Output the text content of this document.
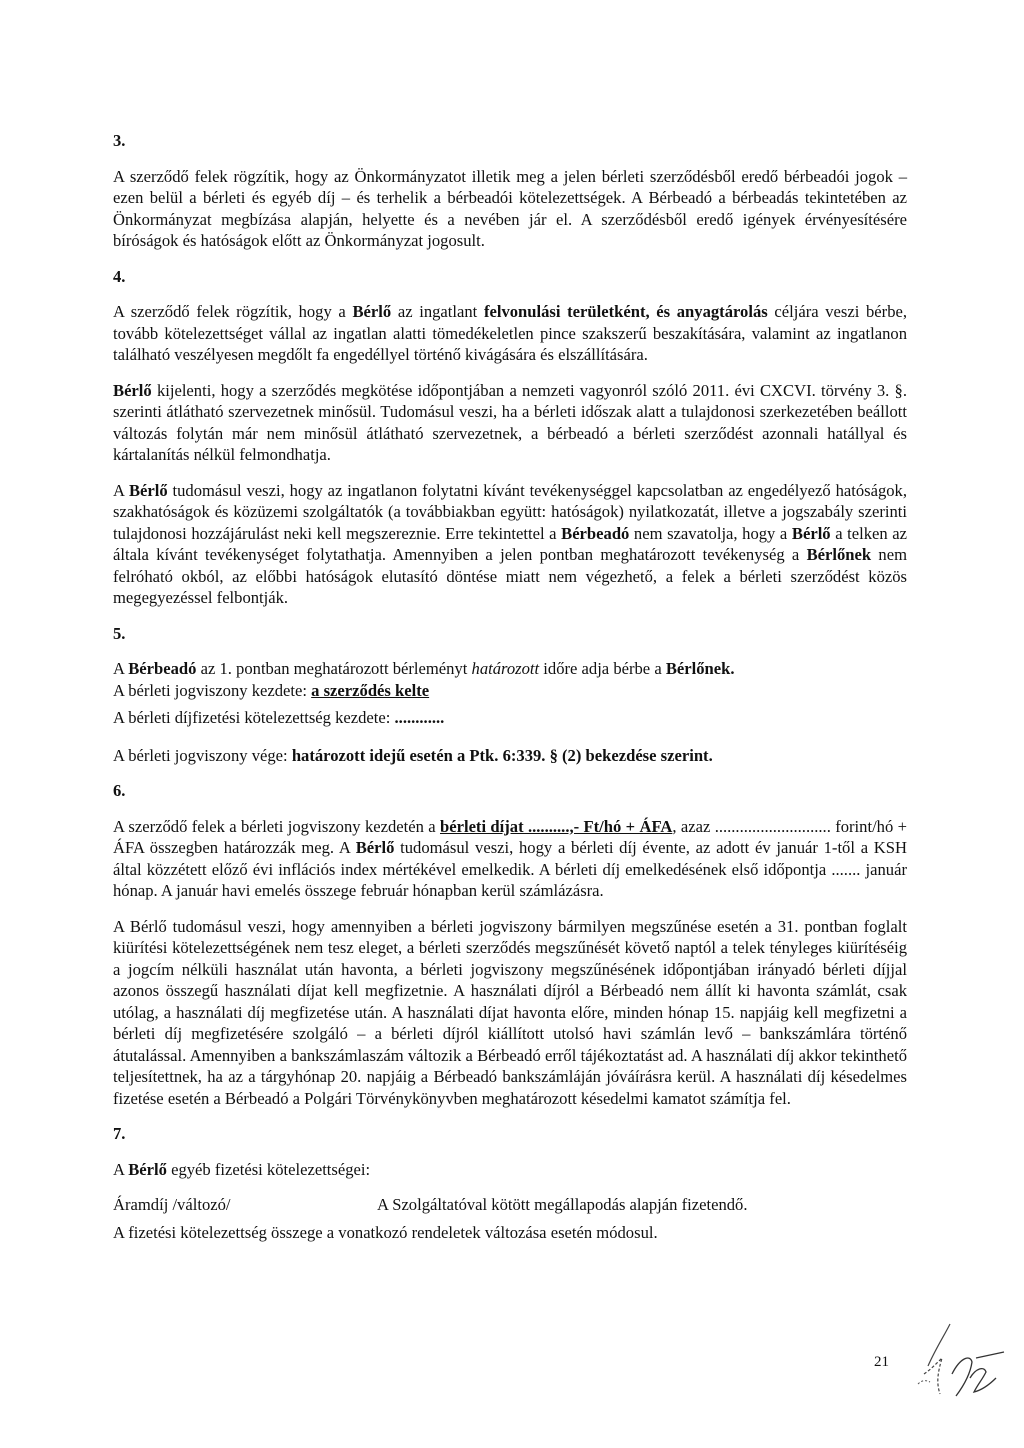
3.

A szerződő felek rögzítik, hogy az Önkormányzatot illetik meg a jelen bérleti szerződésből eredő bérbeadói jogok – ezen belül a bérleti és egyéb díj – és terhelik a bérbeadói kötelezettségek. A Bérbeadó a bérbeadás tekintetében az Önkormányzat megbízása alapján, helyette és a nevében jár el. A szerződésből eredő igények érvényesítésére bíróságok és hatóságok előtt az Önkormányzat jogosult.

4.

A szerződő felek rögzítik, hogy a Bérlő az ingatlant felvonulási területként, és anyagtárolás céljára veszi bérbe, tovább kötelezettséget vállal az ingatlan alatti tömedékeletlen pince szakszerű beszakítására, valamint az ingatlanon található veszélyesen megdőlt fa engedéllyel történő kivágására és elszállítására.

Bérlő kijelenti, hogy a szerződés megkötése időpontjában a nemzeti vagyonról szóló 2011. évi CXCVI. törvény 3. §. szerinti átlátható szervezetnek minősül. Tudomásul veszi, ha a bérleti időszak alatt a tulajdonosi szerkezetében beállott változás folytán már nem minősül átlátható szervezetnek, a bérbeadó a bérleti szerződést azonnali hatállyal és kártalanítás nélkül felmondhatja.

A Bérlő tudomásul veszi, hogy az ingatlanon folytatni kívánt tevékenységgel kapcsolatban az engedélyező hatóságok, szakhatóságok és közüzemi szolgáltatók (a továbbiakban együtt: hatóságok) nyilatkozatát, illetve a jogszabály szerinti tulajdonosi hozzájárulást neki kell megszereznie. Erre tekintettel a Bérbeadó nem szavatolja, hogy a Bérlő a telken az általa kívánt tevékenységet folytathatja. Amennyiben a jelen pontban meghatározott tevékenység a Bérlőnek nem felróható okból, az előbbi hatóságok elutasító döntése miatt nem végezhető, a felek a bérleti szerződést közös megegyezéssel felbontják.

5.

A Bérbeadó az 1. pontban meghatározott bérleményt határozott időre adja bérbe a Bérlőnek.

A bérleti jogviszony kezdete: a szerződés kelte

A bérleti díjfizetési kötelezettség kezdete: ............

A bérleti jogviszony vége: határozott idejű esetén a Ptk. 6:339. § (2) bekezdése szerint.

6.

A szerződő felek a bérleti jogviszony kezdetén a bérleti díjat ..........,- Ft/hó + ÁFA, azaz ............................ forint/hó + ÁFA összegben határozzák meg. A Bérlő tudomásul veszi, hogy a bérleti díj évente, az adott év január 1-től a KSH által közzétett előző évi inflációs index mértékével emelkedik. A bérleti díj emelkedésének első időpontja ....... január hónap. A január havi emelés összege február hónapban kerül számlázásra.

A Bérlő tudomásul veszi, hogy amennyiben a bérleti jogviszony bármilyen megszűnése esetén a 31. pontban foglalt kiürítési kötelezettségének nem tesz eleget, a bérleti szerződés megszűnését követő naptól a telek tényleges kiürítéséig a jogcím nélküli használat után havonta, a bérleti jogviszony megszűnésének időpontjában irányadó bérleti díjjal azonos összegű használati díjat kell megfizetnie. A használati díjról a Bérbeadó nem állít ki havonta számlát, csak utólag, a használati díj megfizetése után. A használati díjat havonta előre, minden hónap 15. napjáig kell megfizetni a bérleti díj megfizetésére szolgáló – a bérleti díjról kiállított utolsó havi számlán levő – bankszámlára történő átutalással. Amennyiben a bankszámlaszám változik a Bérbeadó erről tájékoztatást ad. A használati díj akkor tekinthető teljesítettnek, ha az a tárgyhónap 20. napjáig a Bérbeadó bankszámláján jóváírásra kerül. A használati díj késedelmes fizetése esetén a Bérbeadó a Polgári Törvénykönyvben meghatározott késedelmi kamatot számítja fel.

7.

A Bérlő egyéb fizetési kötelezettségei:

Áramdíj /változó/	A Szolgáltatóval kötött megállapodás alapján fizetendő.

A fizetési kötelezettség összege a vonatkozó rendeletek változása esetén módosul.

21
